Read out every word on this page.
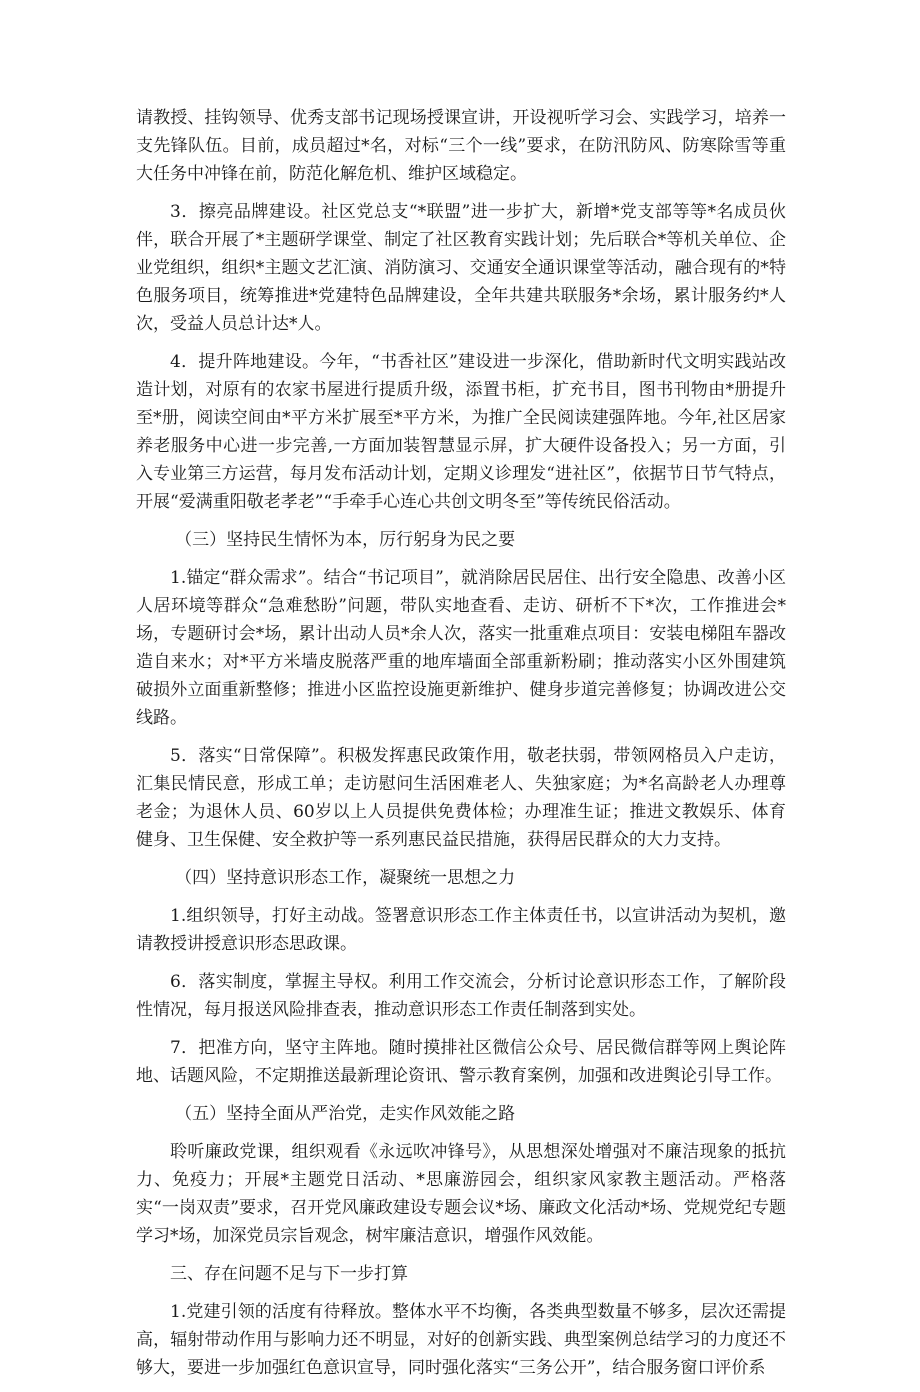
请教授、挂钩领导、优秀支部书记现场授课宣讲，开设视听学习会、实践学习，培养一支先锋队伍。目前，成员超过*名，对标“三个一线”要求，在防汛防风、防寒除雪等重大任务中冲锋在前，防范化解危机、维护区域稳定。

3．擦亮品牌建设。社区党总支“*联盟”进一步扩大，新增*党支部等等*名成员伙伴，联合开展了*主题研学课堂、制定了社区教育实践计划；先后联合*等机关单位、企业党组织，组织*主题文艺汇演、消防演习、交通安全通识课堂等活动，融合现有的*特色服务项目，统筹推进*党建特色品牌建设，全年共建共联服务*余场，累计服务约*人次，受益人员总计达*人。

4．提升阵地建设。今年，“书香社区”建设进一步深化，借助新时代文明实践站改造计划，对原有的农家书屋进行提质升级，添置书柜，扩充书目，图书刊物由*册提升至*册，阅读空间由*平方米扩展至*平方米，为推广全民阅读建强阵地。今年,社区居家养老服务中心进一步完善,一方面加装智慧显示屏，扩大硬件设备投入；另一方面，引入专业第三方运营，每月发布活动计划，定期义诊理发“进社区”，依据节日节气特点，开展“爱满重阳敬老孝老”“手牵手心连心共创文明冬至”等传统民俗活动。

（三）坚持民生情怀为本，厉行躬身为民之要

1.锚定“群众需求”。结合“书记项目”，就消除居民居住、出行安全隐患、改善小区人居环境等群众“急难愁盼”问题，带队实地查看、走访、研析不下*次，工作推进会*场，专题研讨会*场，累计出动人员*余人次，落实一批重难点项目：安装电梯阻车器改造自来水；对*平方米墙皮脱落严重的地库墙面全部重新粉刷；推动落实小区外围建筑破损外立面重新整修；推进小区监控设施更新维护、健身步道完善修复；协调改进公交线路。

5．落实“日常保障”。积极发挥惠民政策作用，敬老扶弱，带领网格员入户走访，汇集民情民意，形成工单；走访慰问生活困难老人、失独家庭；为*名高龄老人办理尊老金；为退休人员、60岁以上人员提供免费体检；办理准生证；推进文教娱乐、体育健身、卫生保健、安全救护等一系列惠民益民措施，获得居民群众的大力支持。

（四）坚持意识形态工作，凝聚统一思想之力

1.组织领导，打好主动战。签署意识形态工作主体责任书，以宣讲活动为契机，邀请教授讲授意识形态思政课。

6．落实制度，掌握主导权。利用工作交流会，分析讨论意识形态工作，了解阶段性情况，每月报送风险排查表，推动意识形态工作责任制落到实处。

7．把准方向，坚守主阵地。随时摸排社区微信公众号、居民微信群等网上舆论阵地、话题风险，不定期推送最新理论资讯、警示教育案例，加强和改进舆论引导工作。

（五）坚持全面从严治党，走实作风效能之路

聆听廉政党课，组织观看《永远吹冲锋号》，从思想深处增强对不廉洁现象的抵抗力、免疫力；开展*主题党日活动、*思廉游园会，组织家风家教主题活动。严格落实“一岗双责”要求，召开党风廉政建设专题会议*场、廉政文化活动*场、党规党纪专题学习*场，加深党员宗旨观念，树牢廉洁意识，增强作风效能。

三、存在问题不足与下一步打算

1.党建引领的活度有待释放。整体水平不均衡，各类典型数量不够多，层次还需提高，辐射带动作用与影响力还不明显，对好的创新实践、典型案例总结学习的力度还不够大，要进一步加强红色意识宣导，同时强化落实“三务公开”，结合服务窗口评价系
